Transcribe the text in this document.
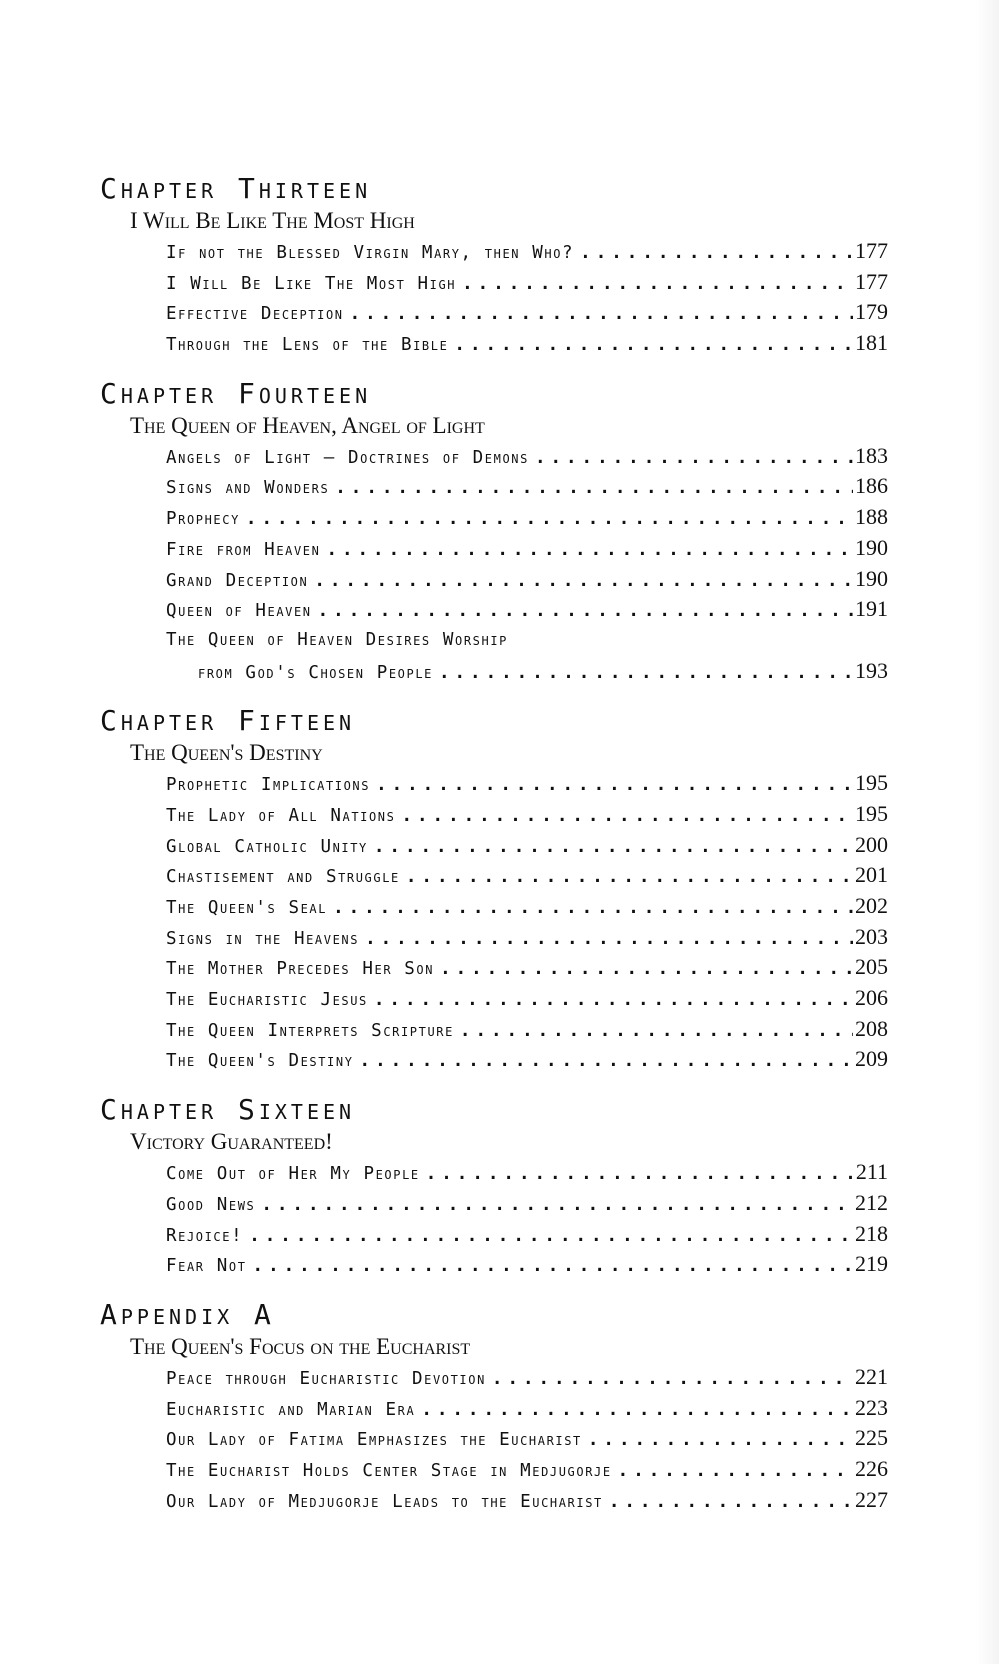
Chapter Thirteen
I Will Be Like The Most High
If not the Blessed Virgin Mary, then Who? .....	177
I Will Be Like The Most High .....	177
Effective Deception .....	179
Through the Lens of the Bible .....	181
Chapter Fourteen
The Queen of Heaven, Angel of Light
Angels of Light – Doctrines of Demons .....	183
Signs and Wonders .....	186
Prophecy .....	188
Fire from Heaven .....	190
Grand Deception .....	190
Queen of Heaven .....	191
The Queen of Heaven Desires Worship
from God's Chosen People .....	193
Chapter Fifteen
The Queen's Destiny
Prophetic Implications .....	195
The Lady of All Nations .....	195
Global Catholic Unity .....	200
Chastisement and Struggle .....	201
The Queen's Seal .....	202
Signs in the Heavens .....	203
The Mother Precedes Her Son .....	205
The Eucharistic Jesus .....	206
The Queen Interprets Scripture .....	208
The Queen's Destiny .....	209
Chapter Sixteen
Victory Guaranteed!
Come Out of Her My People .....	211
Good News .....	212
Rejoice! .....	218
Fear Not .....	219
Appendix A
The Queen's Focus on the Eucharist
Peace through Eucharistic Devotion .....	221
Eucharistic and Marian Era .....	223
Our Lady of Fatima Emphasizes the Eucharist .....	225
The Eucharist Holds Center Stage in Medjugorje .....	226
Our Lady of Medjugorje Leads to the Eucharist .....	227
